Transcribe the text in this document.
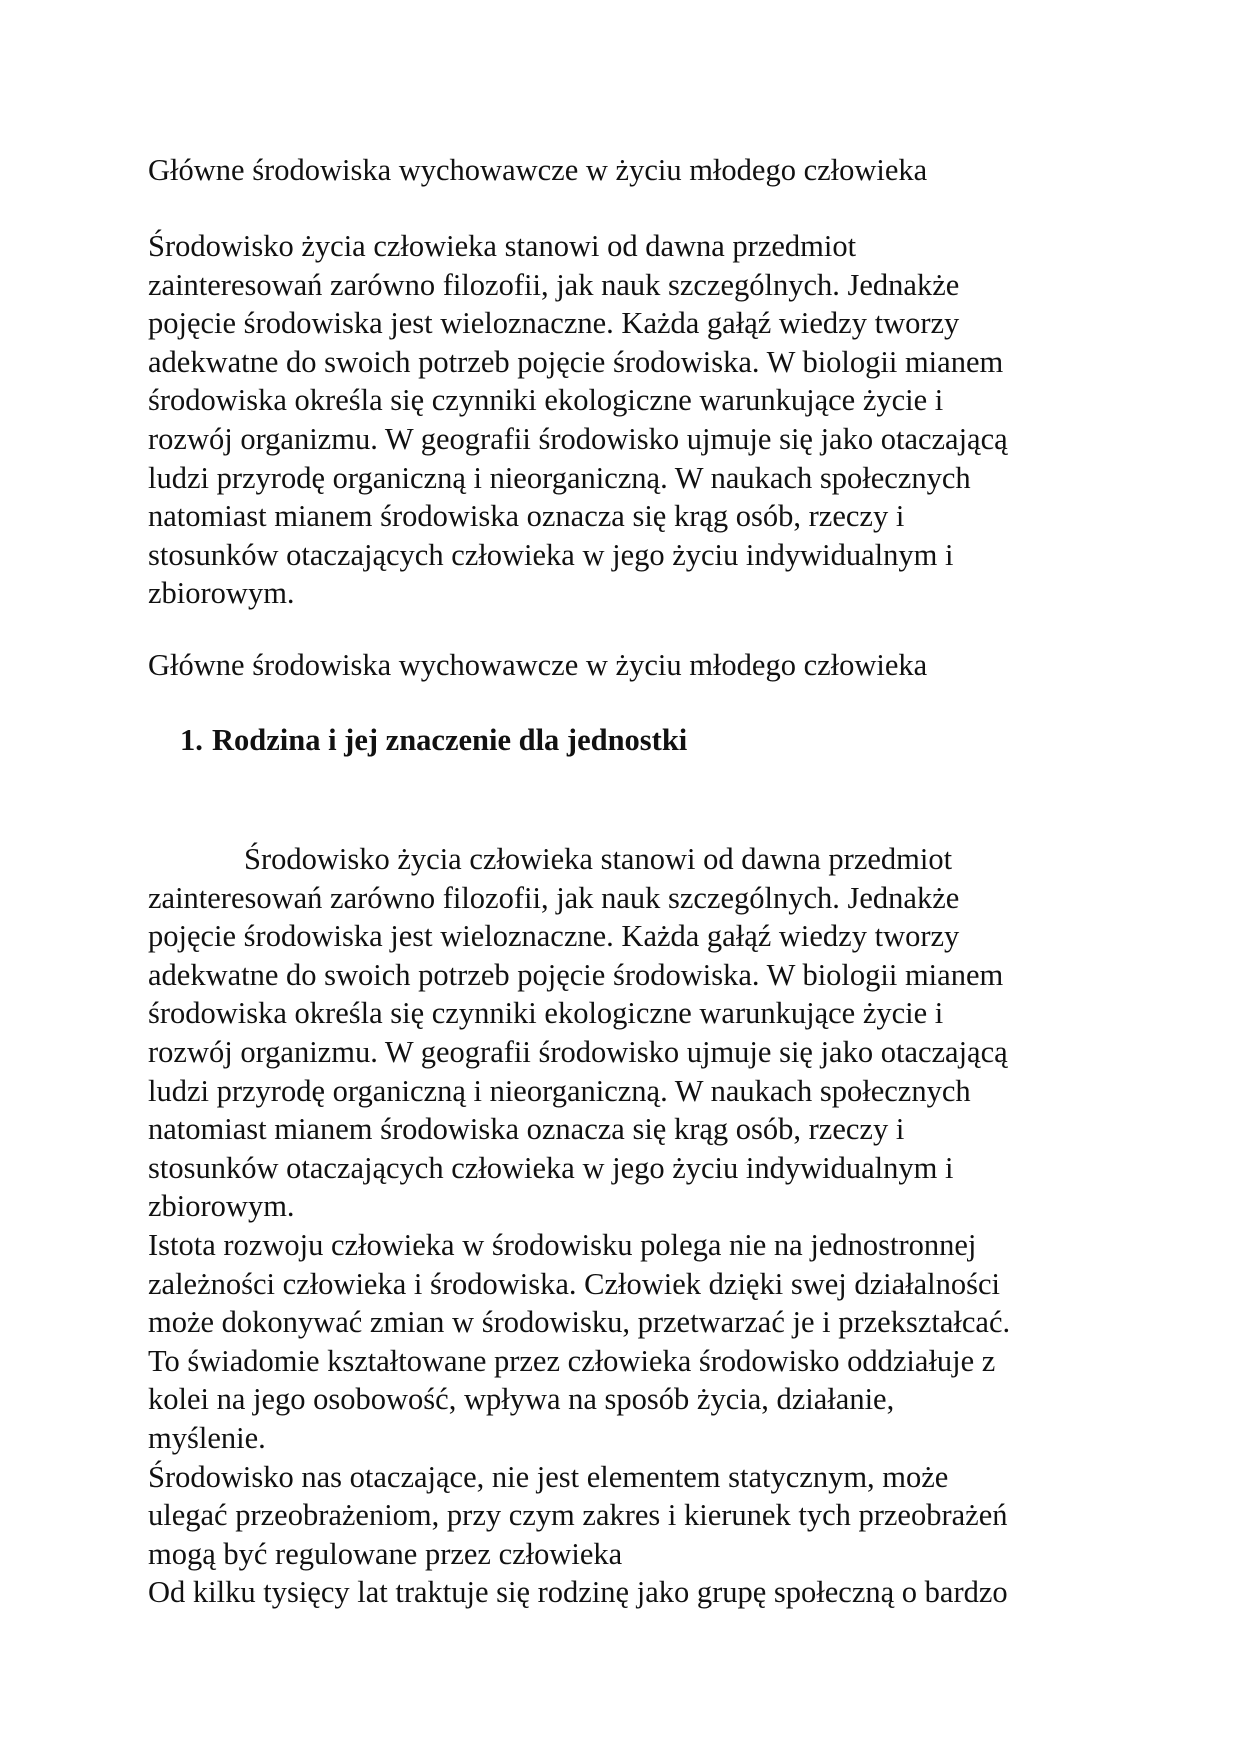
Główne środowiska wychowawcze w życiu młodego człowieka

Środowisko życia człowieka stanowi od dawna przedmiot
zainteresowań zarówno filozofii, jak nauk szczególnych. Jednakże
pojęcie środowiska jest wieloznaczne. Każda gałąź wiedzy tworzy
adekwatne do swoich potrzeb pojęcie środowiska. W biologii mianem
środowiska określa się czynniki ekologiczne warunkujące życie i
rozwój organizmu. W geografii środowisko ujmuje się jako otaczającą
ludzi przyrodę organiczną i nieorganiczną. W naukach społecznych
natomiast mianem środowiska oznacza się krąg osób, rzeczy i
stosunków otaczających człowieka w jego życiu indywidualnym i
zbiorowym.

Główne środowiska wychowawcze w życiu młodego człowieka

1. Rodzina i jej znaczenie dla jednostki

Środowisko życia człowieka stanowi od dawna przedmiot
zainteresowań zarówno filozofii, jak nauk szczególnych. Jednakże
pojęcie środowiska jest wieloznaczne. Każda gałąź wiedzy tworzy
adekwatne do swoich potrzeb pojęcie środowiska. W biologii mianem
środowiska określa się czynniki ekologiczne warunkujące życie i
rozwój organizmu. W geografii środowisko ujmuje się jako otaczającą
ludzi przyrodę organiczną i nieorganiczną. W naukach społecznych
natomiast mianem środowiska oznacza się krąg osób, rzeczy i
stosunków otaczających człowieka w jego życiu indywidualnym i
zbiorowym.
Istota rozwoju człowieka w środowisku polega nie na jednostronnej
zależności człowieka i środowiska. Człowiek dzięki swej działalności
może dokonywać zmian w środowisku, przetwarzać je i przekształcać.
To świadomie kształtowane przez człowieka środowisko oddziałuje z
kolei na jego osobowość, wpływa na sposób życia, działanie,
myślenie.
Środowisko nas otaczające, nie jest elementem statycznym, może
ulegać przeobrażeniom, przy czym zakres i kierunek tych przeobrażeń
mogą być regulowane przez człowieka
Od kilku tysięcy lat traktuje się rodzinę jako grupę społeczną o bardzo
